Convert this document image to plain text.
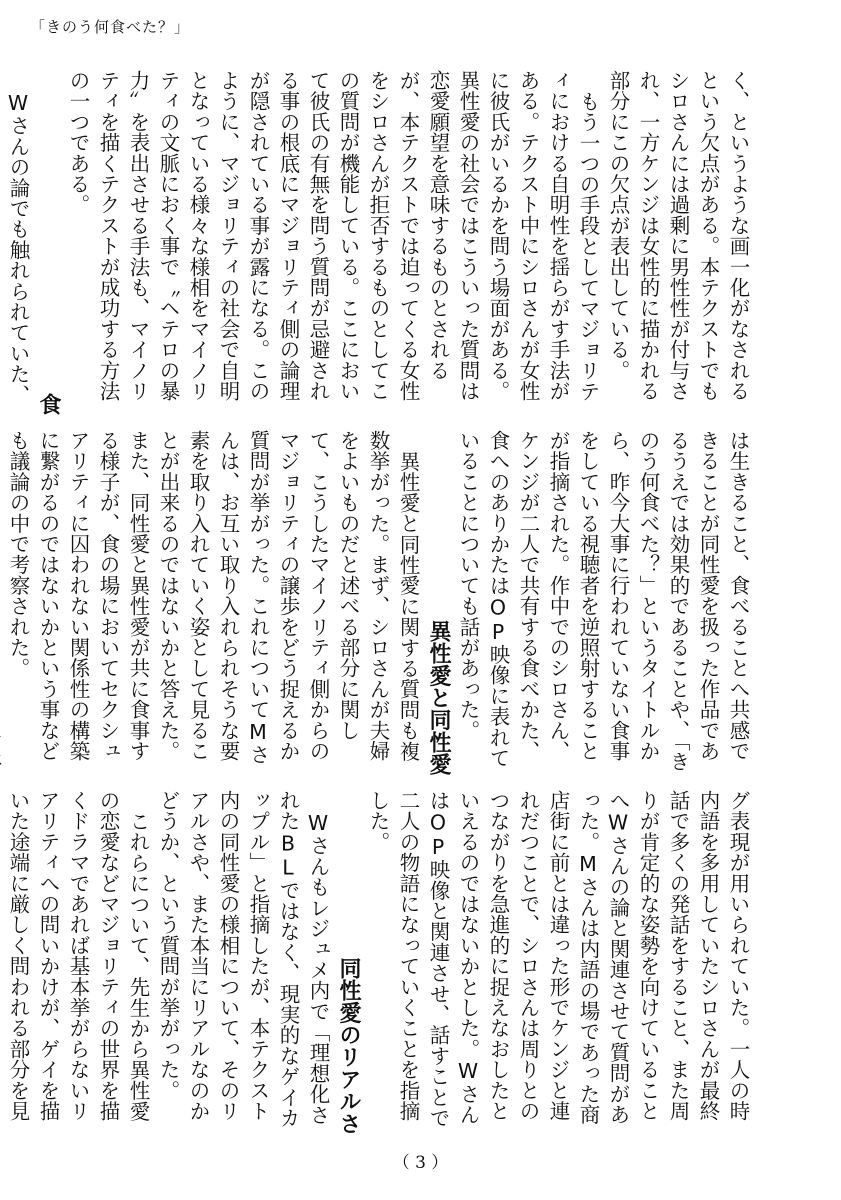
「きのう何食べた？」

く、というような画一化がなされるという欠点がある。本テクストでもシロさんには過剰に男性性が付与され、一方ケンジは女性的に描かれる部分にこの欠点が表出している。

もう一つの手段としてマジョリティにおける自明性を揺らがす手法がある。テクスト中にシロさんが女性に彼氏がいるかを問う場面がある。異性愛の社会ではこういった質問は恋愛願望を意味するものとされるが、本テクストでは迫ってくる女性をシロさんが拒否するものとしてこの質問が機能している。ここにおいて彼氏の有無を問う質問が忌避される事の根底にマジョリティ側の論理が隠されている事が露になる。このように、マジョリティの社会で自明となっている様々な様相をマイノリティの文脈におく事で〝ヘテロの暴力〟を表出させる手法も、マイノリティを描くテクストが成功する方法の一つである。

食

Wさんの論でも触れられていた、

は生きること、食べることへ共感できることが同性愛を扱った作品であるうえでは効果的であることや、「きのう何食べた？」というタイトルから、昨今大事に行われていない食事をしている視聴者を逆照射することが指摘された。作中でのシロさん、ケンジが二人で共有する食べかた、食へのありかたはOP映像に表れていることについても話があった。

異性愛と同性愛

異性愛と同性愛に関する質問も複数挙がった。まず、シロさんが夫婦をよいものだと述べる部分に関して、こうしたマイノリティ側からのマジョリティの譲歩をどう捉えるか質問が挙がった。これについてMさんは、お互い取り入れられそうな要素を取り入れていく姿として見ることが出来るのではないかと答えた。また、同性愛と異性愛が共に食事する様子が、食の場においてセクシュアリティに囚われない関係性の構築に繋がるのではないかという事なども議論の中で考察された。

グ表現が用いられていた。一人の時内語を多用していたシロさんが最終話で多くの発話をすること、また周りが肯定的な姿勢を向けていることへWさんの論と関連させて質問があった。Mさんは内語の場であった商店街に前とは違った形でケンジと連れだつことで、シロさんは周りとのつながりを急進的に捉えなおしたといえるのではないかとした。WさんはOP映像と関連させ、話すことで二人の物語になっていくことを指摘した。

同性愛のリアルさ

Wさんもレジュメ内で「理想化されたBLではなく、現実的なゲイカップル」と指摘したが、本テクスト内の同性愛の様相について、そのリアルさや、また本当にリアルなのかどうか、という質問が挙がった。

これらについて、先生から異性愛の恋愛などマジョリティの世界を描くドラマであれば基本挙がらないリアリティへの問いかけが、ゲイを描いた途端に厳しく問われる部分を見

（ 3 ）
